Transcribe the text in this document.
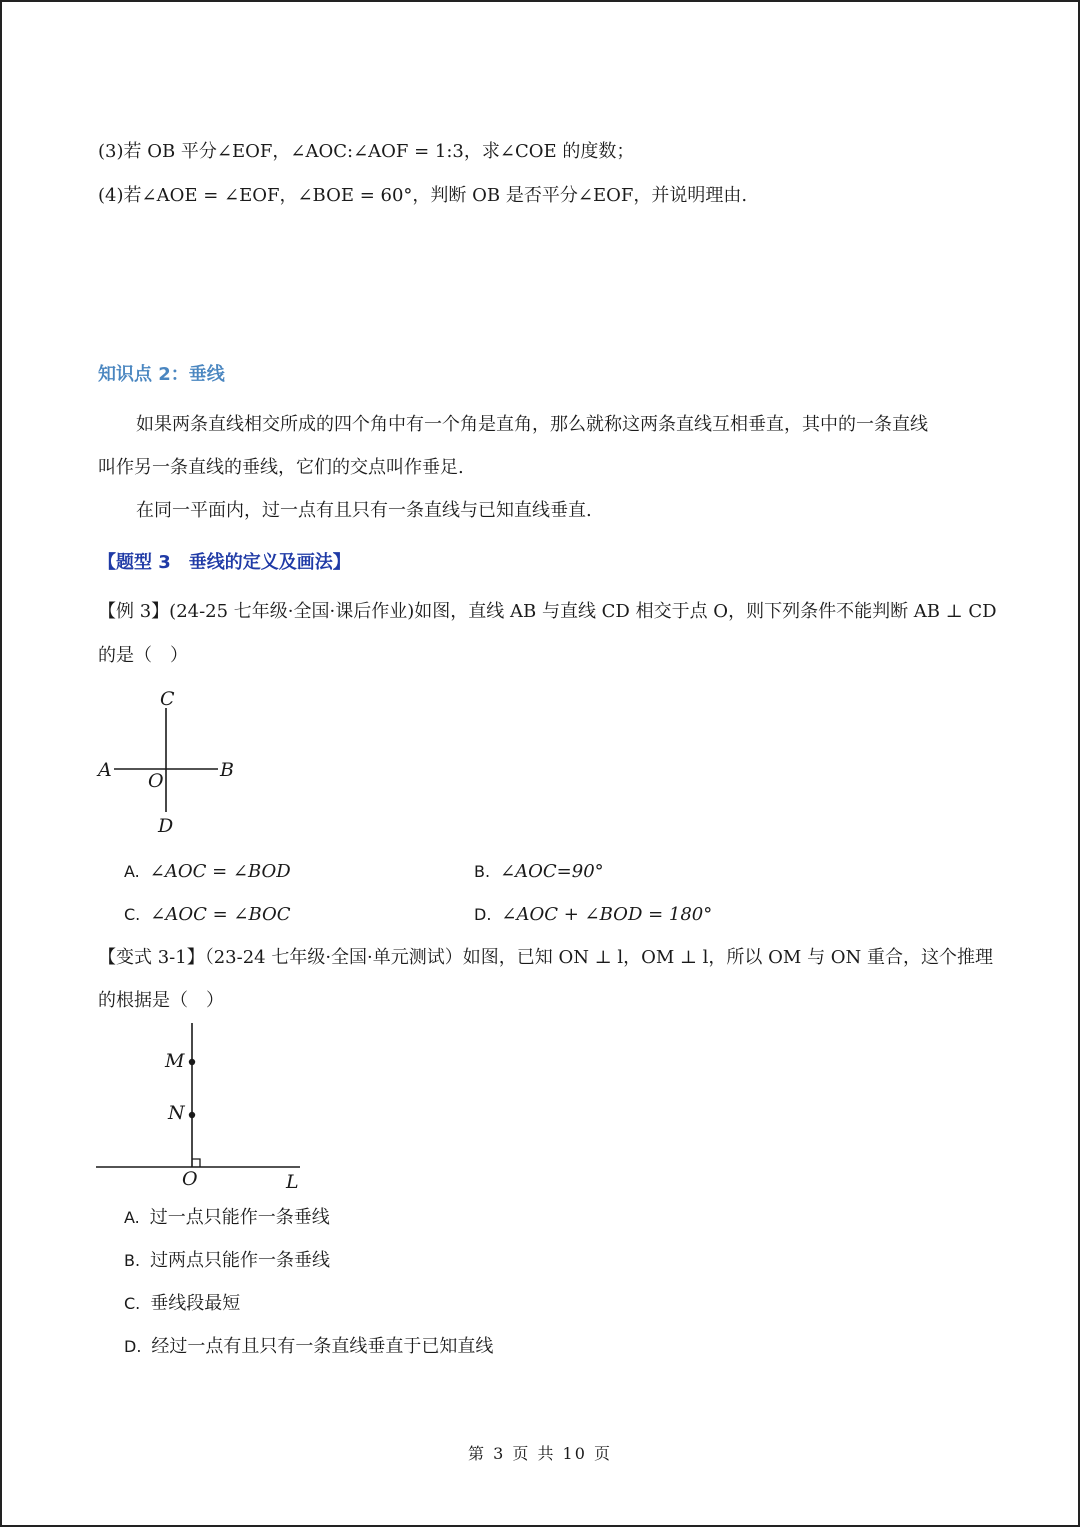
(3)若 OB 平分∠EOF，∠AOC:∠AOF = 1:3，求∠COE 的度数；
(4)若∠AOE = ∠EOF，∠BOE = 60°，判断 OB 是否平分∠EOF，并说明理由.
知识点 2：垂线
如果两条直线相交所成的四个角中有一个角是直角，那么就称这两条直线互相垂直，其中的一条直线
叫作另一条直线的垂线，它们的交点叫作垂足.
在同一平面内，过一点有且只有一条直线与已知直线垂直.
【题型 3　垂线的定义及画法】
【例 3】(24-25 七年级·全国·课后作业)如图，直线 AB 与直线 CD 相交于点 O，则下列条件不能判断 AB ⊥ CD
的是（　）
C
A O	B
D
A. ∠AOC = ∠BOD	B. ∠AOC=90°
C. ∠AOC = ∠BOC	D. ∠AOC + ∠BOD = 180°
【变式 3-1】（23-24 七年级·全国·单元测试）如图，已知 ON ⊥ l，OM ⊥ l，所以 OM 与 ON 重合，这个推理
的根据是（　）
M
N
O	L
A. 过一点只能作一条垂线
B. 过两点只能作一条垂线
C. 垂线段最短
D. 经过一点有且只有一条直线垂直于已知直线
第 3 页 共 10 页
